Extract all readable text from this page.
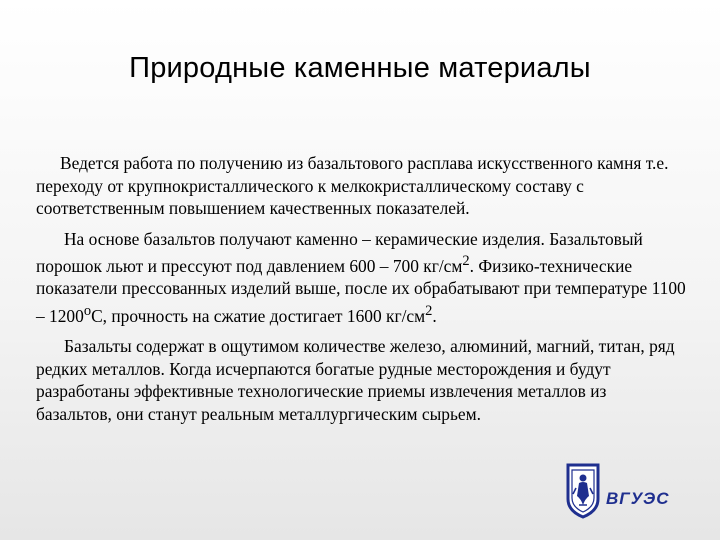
Природные каменные материалы

Ведется работа по получению из базальтового расплава искусственного камня т.е. переходу от крупнокристаллического к мелкокристаллическому составу с соответственным повышением качественных показателей.

На основе базальтов получают каменно – керамические изделия. Базальтовый порошок льют и прессуют под давлением 600 – 700 $кг/см^2$. Физико-технические показатели прессованных изделий выше, после их обрабатывают при температуре 1100 – 1200$^o$С, прочность на сжатие достигает 1600 $кг/см^2$.

Базальты содержат в ощутимом количестве железо, алюминий, магний, титан, ряд редких металлов. Когда исчерпаются богатые рудные месторождения и будут разработаны эффективные технологические приемы извлечения металлов из базальтов, они станут реальным металлургическим сырьем.

ВГУЭС
